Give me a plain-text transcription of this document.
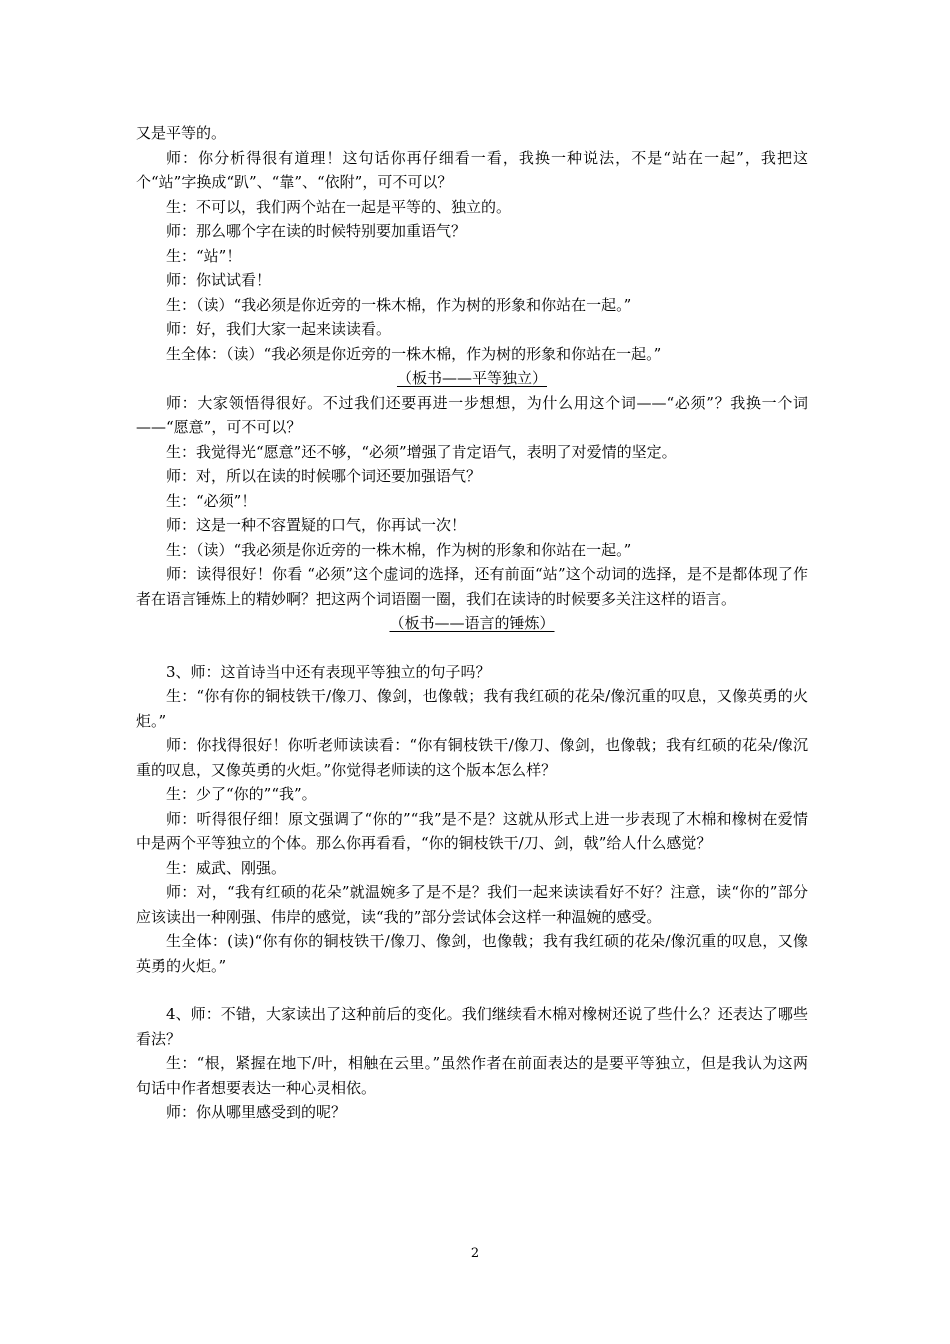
又是平等的。

师：你分析得很有道理！这句话你再仔细看一看，我换一种说法，不是“站在一起”，我把这个“站”字换成“趴”、“靠”、“依附”，可不可以？

生：不可以，我们两个站在一起是平等的、独立的。

师：那么哪个字在读的时候特别要加重语气？

生：“站”！

师：你试试看！

生：（读）“我必须是你近旁的一株木棉，作为树的形象和你站在一起。”

师：好，我们大家一起来读读看。

生全体：（读）“我必须是你近旁的一株木棉，作为树的形象和你站在一起。”

（板书——平等独立）

师：大家领悟得很好。不过我们还要再进一步想想，为什么用这个词——“必须”？我换一个词——“愿意”，可不可以？

生：我觉得光“愿意”还不够，“必须”增强了肯定语气，表明了对爱情的坚定。

师：对，所以在读的时候哪个词还要加强语气？

生：“必须”！

师：这是一种不容置疑的口气，你再试一次！

生：（读）“我必须是你近旁的一株木棉，作为树的形象和你站在一起。”

师：读得很好！你看 “必须”这个虚词的选择，还有前面“站”这个动词的选择，是不是都体现了作者在语言锤炼上的精妙啊？把这两个词语圈一圈，我们在读诗的时候要多关注这样的语言。

（板书——语言的锤炼）

3、师：这首诗当中还有表现平等独立的句子吗？

生：“你有你的铜枝铁干/像刀、像剑，也像戟；我有我红硕的花朵/像沉重的叹息，又像英勇的火炬。”

师：你找得很好！你听老师读读看：“你有铜枝铁干/像刀、像剑，也像戟；我有红硕的花朵/像沉重的叹息，又像英勇的火炬。”你觉得老师读的这个版本怎么样？

生：少了“你的”“我”。

师：听得很仔细！原文强调了“你的”“我”是不是？这就从形式上进一步表现了木棉和橡树在爱情中是两个平等独立的个体。那么你再看看，“你的铜枝铁干/刀、剑，戟”给人什么感觉？

生：威武、刚强。

师：对，“我有红硕的花朵”就温婉多了是不是？我们一起来读读看好不好？注意，读“你的”部分应该读出一种刚强、伟岸的感觉，读“我的”部分尝试体会这样一种温婉的感受。

生全体：(读)“你有你的铜枝铁干/像刀、像剑，也像戟；我有我红硕的花朵/像沉重的叹息，又像英勇的火炬。”

4、师：不错，大家读出了这种前后的变化。我们继续看木棉对橡树还说了些什么？还表达了哪些看法？

生：“根，紧握在地下/叶，相触在云里。”虽然作者在前面表达的是要平等独立，但是我认为这两句话中作者想要表达一种心灵相依。

师：你从哪里感受到的呢？

2
